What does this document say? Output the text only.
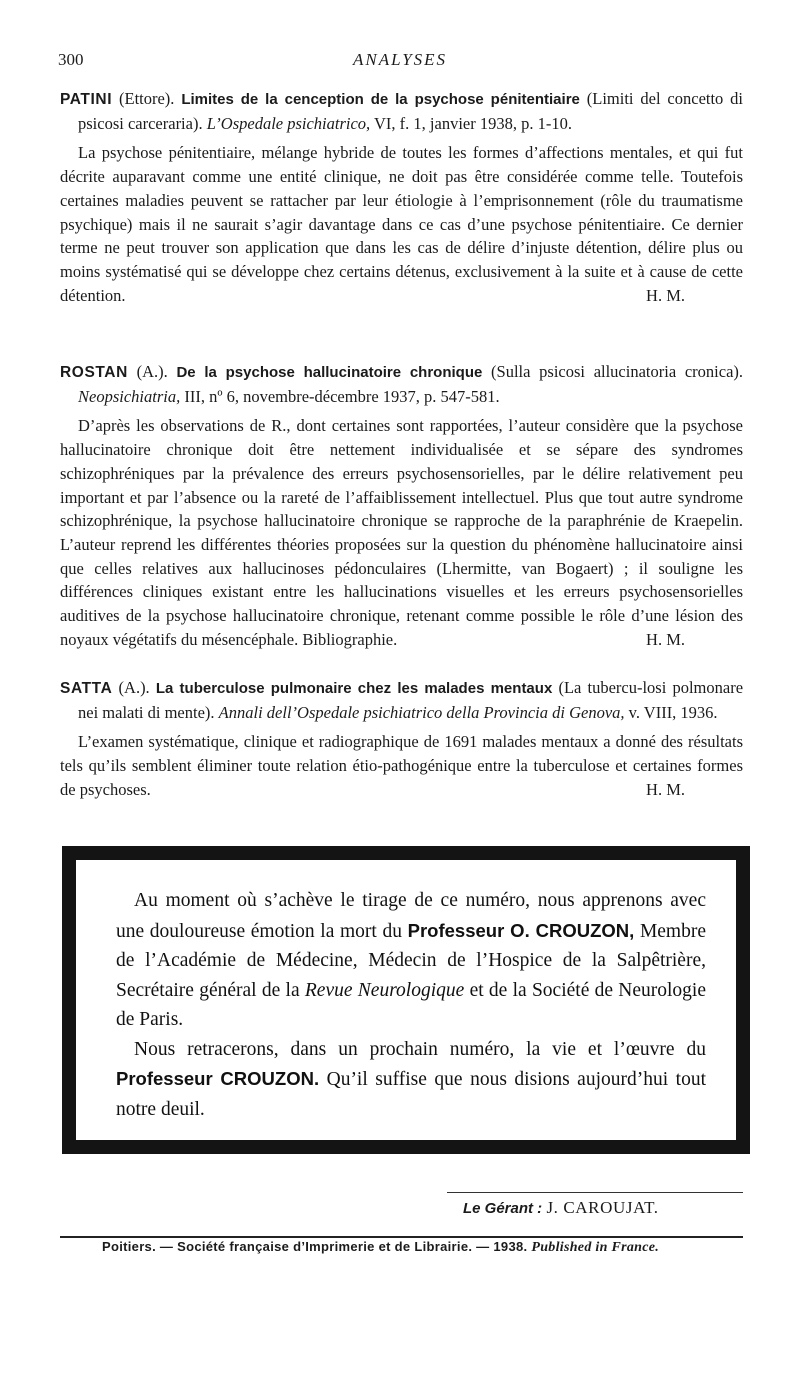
300	ANALYSES

PATINI (Ettore). Limites de la cenception de la psychose pénitentiaire (Limiti del concetto di psicosi carceraria). L’Ospedale psichiatrico, VI, f. 1, janvier 1938, p. 1-10.

La psychose pénitentiaire, mélange hybride de toutes les formes d’affections mentales, et qui fut décrite auparavant comme une entité clinique, ne doit pas être considérée comme telle. Toutefois certaines maladies peuvent se rattacher par leur étiologie à l’emprisonnement (rôle du traumatisme psychique) mais il ne saurait s’agir davantage dans ce cas d’une psychose pénitentiaire. Ce dernier terme ne peut trouver son application que dans les cas de délire d’injuste détention, délire plus ou moins systématisé qui se développe chez certains détenus, exclusivement à la suite et à cause de cette détention.	H. M.

ROSTAN (A.). De la psychose hallucinatoire chronique (Sulla psicosi allucinatoria cronica). Neopsichiatria, III, nº 6, novembre-décembre 1937, p. 547-581.

D’après les observations de R., dont certaines sont rapportées, l’auteur considère que la psychose hallucinatoire chronique doit être nettement individualisée et se sépare des syndromes schizophréniques par la prévalence des erreurs psychosensorielles, par le délire relativement peu important et par l’absence ou la rareté de l’affaiblissement intellectuel. Plus que tout autre syndrome schizophrénique, la psychose hallucinatoire chronique se rapproche de la paraphrénie de Kraepelin. L’auteur reprend les différentes théories proposées sur la question du phénomène hallucinatoire ainsi que celles relatives aux hallucinoses pédonculaires (Lhermitte, van Bogaert) ; il souligne les différences cliniques existant entre les hallucinations visuelles et les erreurs psychosensorielles auditives de la psychose hallucinatoire chronique, retenant comme possible le rôle d’une lésion des noyaux végétatifs du mésencéphale. Bibliographie.	H. M.

SATTA (A.). La tuberculose pulmonaire chez les malades mentaux (La tubercu-losi polmonare nei malati di mente). Annali dell’Ospedale psichiatrico della Provincia di Genova, v. VIII, 1936.

L’examen systématique, clinique et radiographique de 1691 malades mentaux a donné des résultats tels qu’ils semblent éliminer toute relation étio-pathogénique entre la tuberculose et certaines formes de psychoses.	H. M.

Au moment où s’achève le tirage de ce numéro, nous apprenons avec une douloureuse émotion la mort du Professeur O. CROUZON, Membre de l’Académie de Médecine, Médecin de l’Hospice de la Salpêtrière, Secrétaire général de la Revue Neurologique et de la Société de Neurologie de Paris.

Nous retracerons, dans un prochain numéro, la vie et l’œuvre du Professeur CROUZON. Qu’il suffise que nous disions aujourd’hui tout notre deuil.

Le Gérant : J. CAROUJAT.
Poitiers. — Société française d’Imprimerie et de Librairie. — 1938. Published in France.
